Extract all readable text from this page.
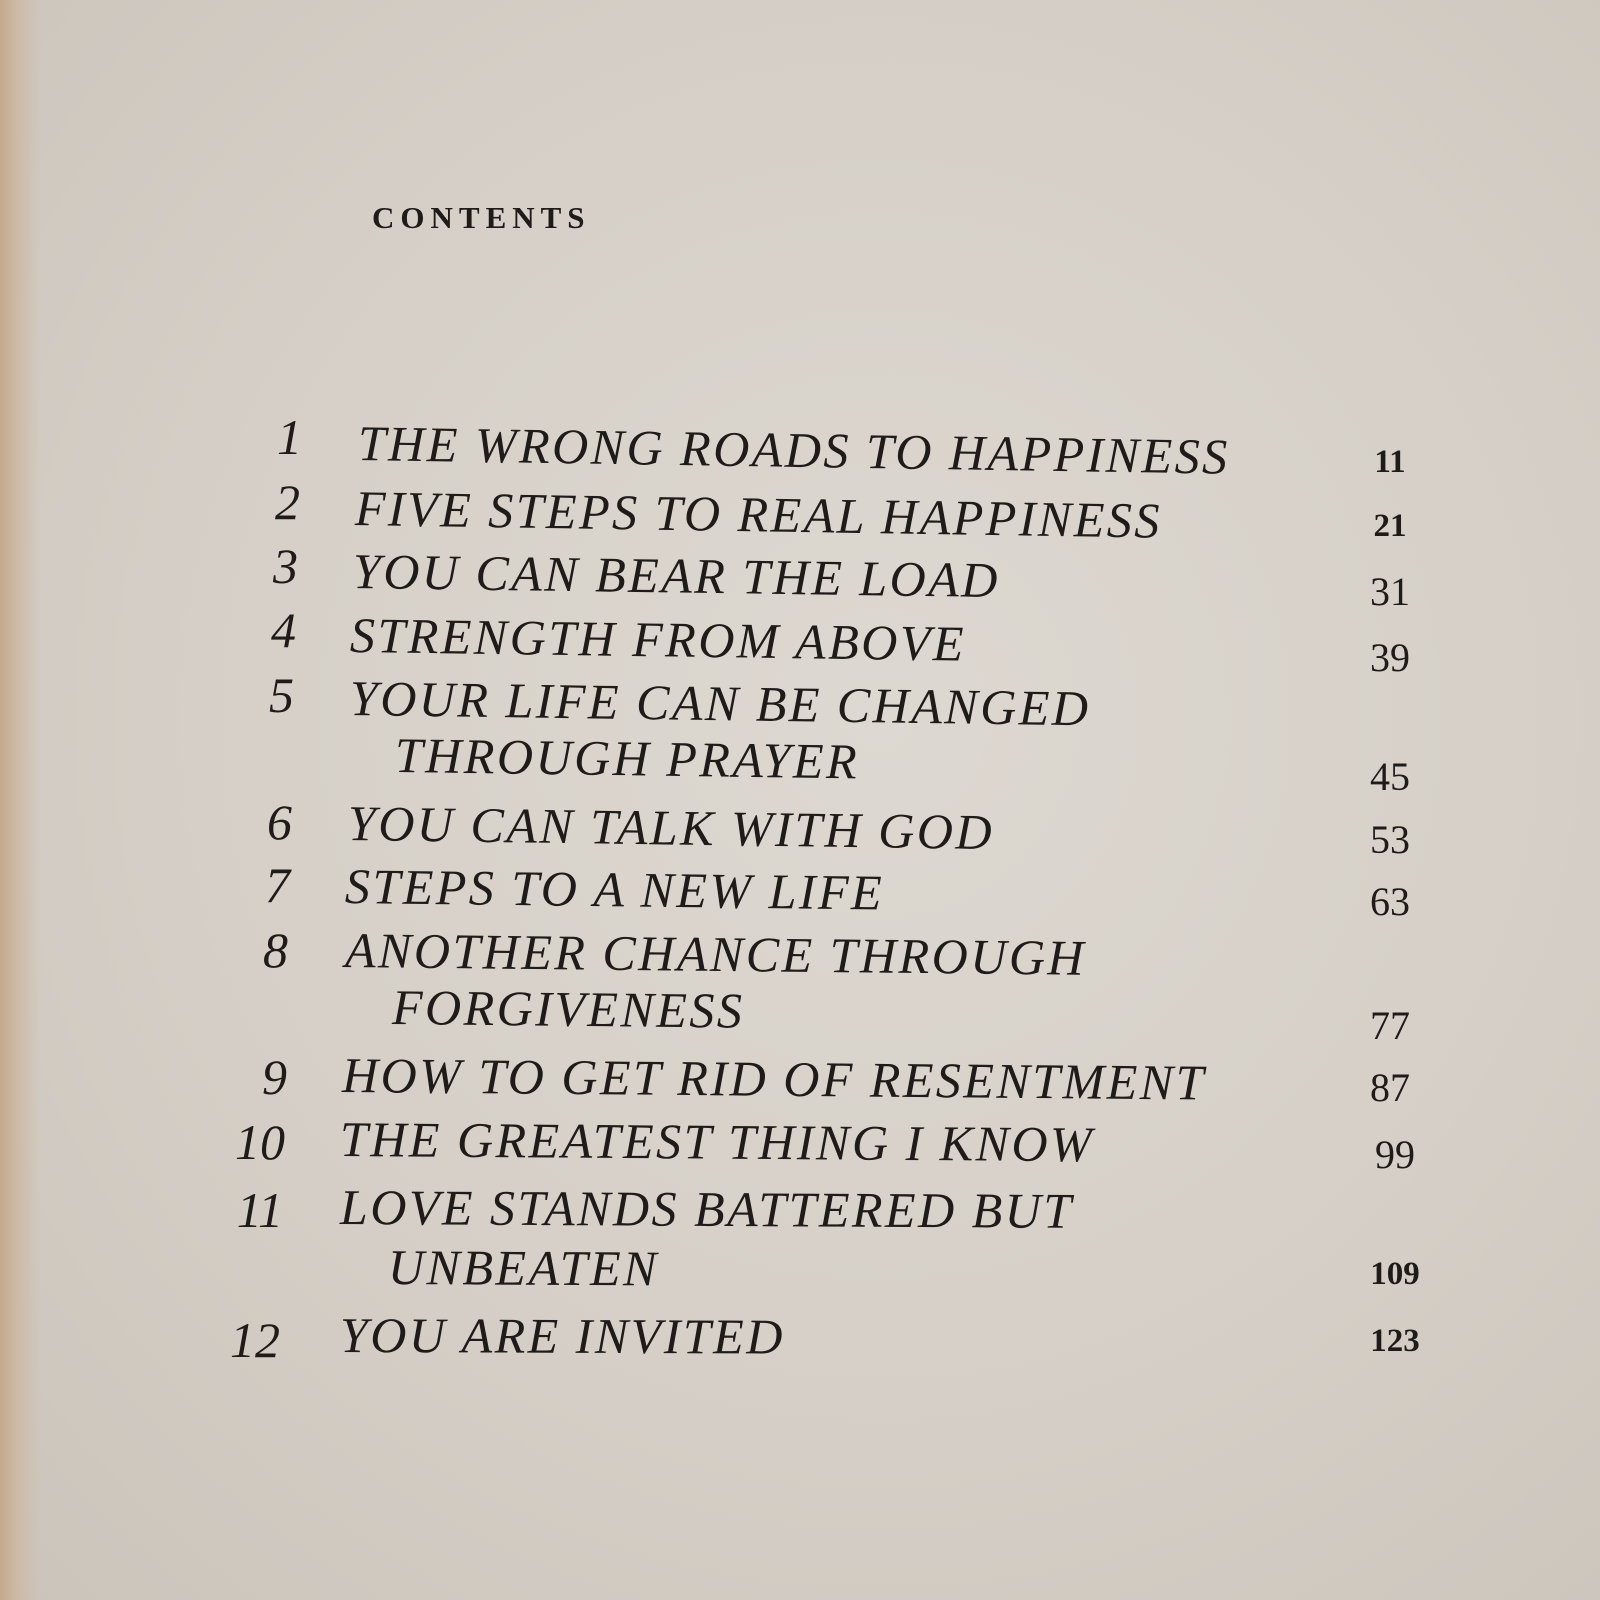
CONTENTS
1 THE WRONG ROADS TO HAPPINESS	11
2 FIVE STEPS TO REAL HAPPINESS	21
3 YOU CAN BEAR THE LOAD	31
4 STRENGTH FROM ABOVE	39
5 YOUR LIFE CAN BE CHANGED
THROUGH PRAYER	45
6 YOU CAN TALK WITH GOD	53
7 STEPS TO A NEW LIFE	63
8 ANOTHER CHANCE THROUGH
FORGIVENESS	77
9 HOW TO GET RID OF RESENTMENT	87
10 THE GREATEST THING I KNOW	99
11 LOVE STANDS BATTERED BUT
UNBEATEN	109
12 YOU ARE INVITED	123
